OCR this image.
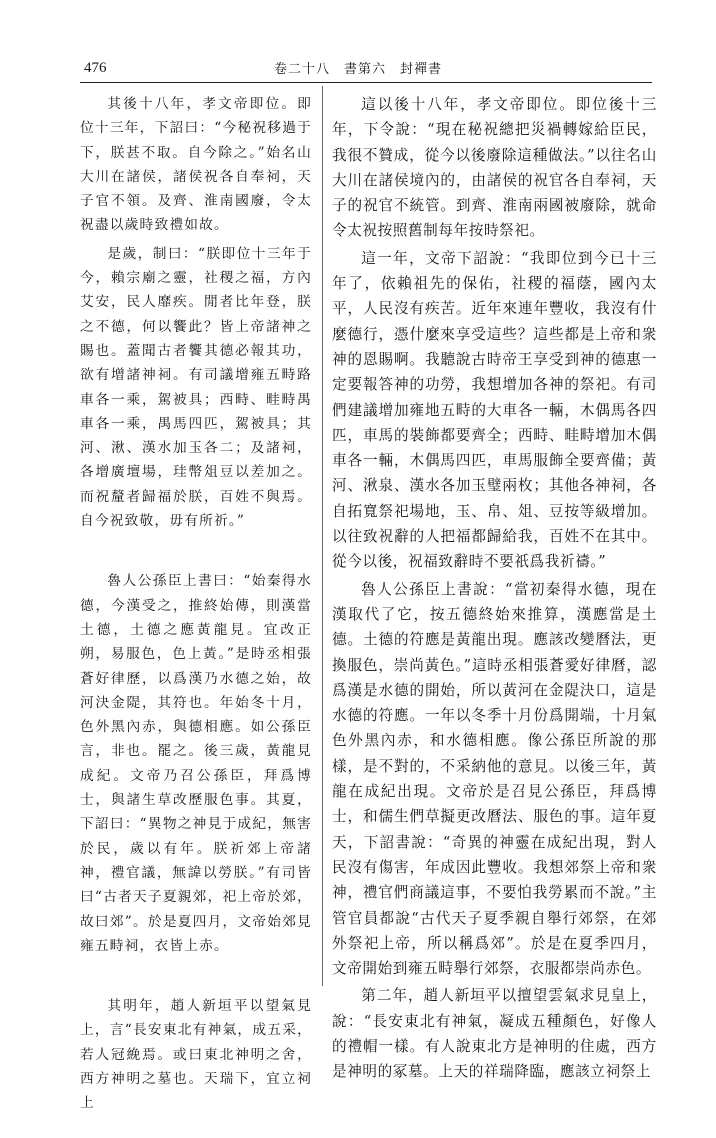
476	卷二十八　書第六　封禪書

其後十八年，孝文帝即位。即位十三年，下詔曰：“今秘祝移過于下，朕甚不取。自今除之。”始名山大川在諸侯，諸侯祝各自奉祠，天子官不領。及齊、淮南國廢，令太祝盡以歲時致禮如故。

是歲，制曰：“朕即位十三年于今，賴宗廟之靈，社稷之福，方內艾安，民人靡疾。閒者比年登，朕之不德，何以饗此？皆上帝諸神之賜也。蓋聞古者饗其德必報其功，欲有增諸神祠。有司議增雍五畤路車各一乘，駕被具；西畤、畦畤禺車各一乘，禺馬四匹，駕被具；其河、湫、漢水加玉各二；及諸祠，各增廣壇場，珪幣俎豆以差加之。而祝釐者歸福於朕，百姓不與焉。自今祝致敬，毋有所祈。”

魯人公孫臣上書曰：“始秦得水德，今漢受之，推終始傳，則漢當土德，土德之應黃龍見。宜改正朔，易服色，色上黃。”是時丞相張蒼好律歷，以爲漢乃水德之始，故河決金隄，其符也。年始冬十月，色外黑內赤，與德相應。如公孫臣言，非也。罷之。後三歲，黃龍見成紀。文帝乃召公孫臣，拜爲博士，與諸生草改歷服色事。其夏，下詔曰：“異物之神見于成紀，無害於民，歲以有年。朕祈郊上帝諸神，禮官議，無諱以勞朕。”有司皆曰“古者天子夏親郊，祀上帝於郊，故曰郊”。於是夏四月，文帝始郊見雍五畤祠，衣皆上赤。

其明年，趙人新垣平以望氣見上，言“長安東北有神氣，成五采，若人冠絻焉。或曰東北神明之舍，西方神明之墓也。天瑞下，宜立祠上

這以後十八年，孝文帝即位。即位後十三年，下令說：“現在秘祝總把災禍轉嫁給臣民，我很不贊成，從今以後廢除這種做法。”以往名山大川在諸侯境內的，由諸侯的祝官各自奉祠，天子的祝官不統管。到齊、淮南兩國被廢除，就命令太祝按照舊制每年按時祭祀。

這一年，文帝下詔說：“我即位到今已十三年了，依賴祖先的保佑，社稷的福蔭，國內太平，人民沒有疾苦。近年來連年豐收，我沒有什麼德行，憑什麼來享受這些？這些都是上帝和衆神的恩賜啊。我聽說古時帝王享受到神的德惠一定要報答神的功勞，我想增加各神的祭祀。有司們建議增加雍地五畤的大車各一輛，木偶馬各四匹，車馬的裝飾都要齊全；西畤、畦畤增加木偶車各一輛，木偶馬四匹，車馬服飾全要齊備；黃河、湫泉、漢水各加玉璧兩枚；其他各神祠，各自拓寬祭祀場地，玉、帛、俎、豆按等級增加。以往致祝辭的人把福都歸給我，百姓不在其中。從今以後，祝福致辭時不要祇爲我祈禱。”

魯人公孫臣上書說：“當初秦得水德，現在漢取代了它，按五德終始來推算，漢應當是土德。土德的符應是黃龍出現。應該改變曆法，更換服色，崇尚黃色。”這時丞相張蒼愛好律曆，認爲漢是水德的開始，所以黃河在金隄決口，這是水德的符應。一年以冬季十月份爲開端，十月氣色外黑內赤，和水德相應。像公孫臣所說的那樣，是不對的，不采納他的意見。以後三年，黃龍在成紀出現。文帝於是召見公孫臣，拜爲博士，和儒生們草擬更改曆法、服色的事。這年夏天，下詔書說：“奇異的神靈在成紀出現，對人民沒有傷害，年成因此豐收。我想郊祭上帝和衆神，禮官們商議這事，不要怕我勞累而不說。”主管官員都說“古代天子夏季親自舉行郊祭，在郊外祭祀上帝，所以稱爲郊”。於是在夏季四月，文帝開始到雍五畤舉行郊祭，衣服都崇尚赤色。

第二年，趙人新垣平以擅望雲氣求見皇上，說：“長安東北有神氣，凝成五種顏色，好像人的禮帽一樣。有人說東北方是神明的住處，西方是神明的冢墓。上天的祥瑞降臨，應該立祠祭上
